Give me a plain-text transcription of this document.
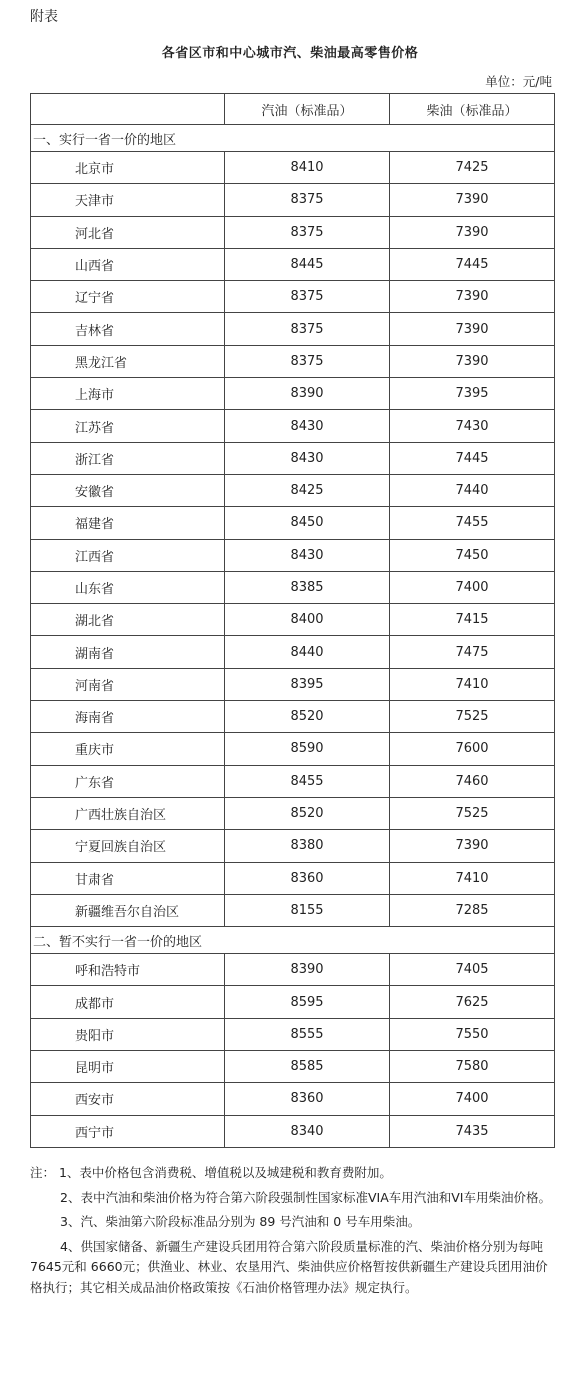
附表
各省区市和中心城市汽、柴油最高零售价格
单位：元/吨
	汽油（标准品）	柴油（标准品）
一、实行一省一价的地区		
北京市	8410	7425
天津市	8375	7390
河北省	8375	7390
山西省	8445	7445
辽宁省	8375	7390
吉林省	8375	7390
黑龙江省	8375	7390
上海市	8390	7395
江苏省	8430	7430
浙江省	8430	7445
安徽省	8425	7440
福建省	8450	7455
江西省	8430	7450
山东省	8385	7400
湖北省	8400	7415
湖南省	8440	7475
河南省	8395	7410
海南省	8520	7525
重庆市	8590	7600
广东省	8455	7460
广西壮族自治区	8520	7525
宁夏回族自治区	8380	7390
甘肃省	8360	7410
新疆维吾尔自治区	8155	7285
二、暂不实行一省一价的地区		
呼和浩特市	8390	7405
成都市	8595	7625
贵阳市	8555	7550
昆明市	8585	7580
西安市	8360	7400
西宁市	8340	7435

注： 1、表中价格包含消费税、增值税以及城建税和教育费附加。

2、表中汽油和柴油价格为符合第六阶段强制性国家标准VIA车用汽油和VI车用柴油价格。

3、汽、柴油第六阶段标准品分别为 89 号汽油和 0 号车用柴油。

4、供国家储备、新疆生产建设兵团用符合第六阶段质量标准的汽、柴油价格分别为每吨 7645元和 6660元；供渔业、林业、农垦用汽、柴油供应价格暂按供新疆生产建设兵团用油价格执行；其它相关成品油价格政策按《石油价格管理办法》规定执行。
